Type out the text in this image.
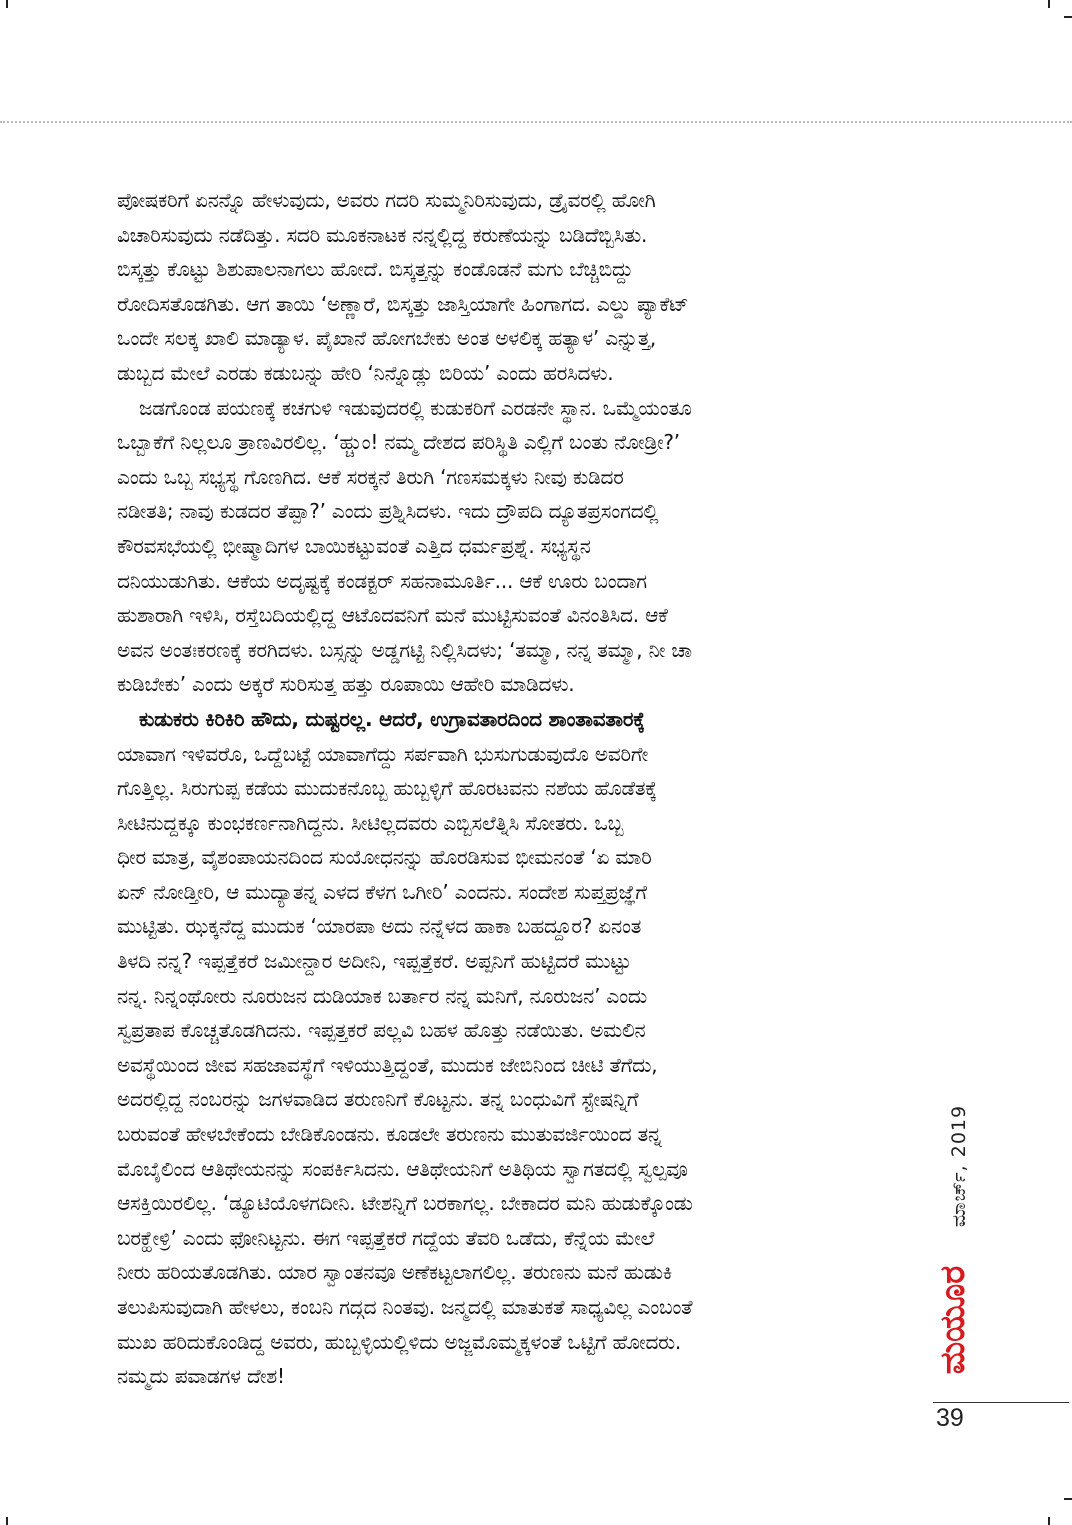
ಪೋಷಕರಿಗೆ ಏನನ್ನೊ ಹೇಳುವುದು, ಅವರು ಗದರಿ ಸುಮ್ಮನಿರಿಸುವುದು, ಡ್ರೈವರಲ್ಲಿ ಹೋಗಿ
ವಿಚಾರಿಸುವುದು ನಡೆದಿತ್ತು. ಸದರಿ ಮೂಕನಾಟಕ ನನ್ನಲ್ಲಿದ್ದ ಕರುಣೆಯನ್ನು ಬಡಿದೆಬ್ಬಿಸಿತು.
ಬಿಸ್ಕತ್ತು ಕೊಟ್ಟು ಶಿಶುಪಾಲನಾಗಲು ಹೋದೆ. ಬಿಸ್ಕತ್ತನ್ನು ಕಂಡೊಡನೆ ಮಗು ಬೆಚ್ಚಿಬಿದ್ದು
ರೋದಿಸತೊಡಗಿತು. ಆಗ ತಾಯಿ ‘ಅಣ್ಣಾರೆ, ಬಿಸ್ಕತ್ತು ಜಾಸ್ತಿಯಾಗೇ ಹಿಂಗಾಗದ. ಎಲ್ಡು ಪ್ಯಾಕೆಟ್
ಒಂದೇ ಸಲಕ್ಕ ಖಾಲಿ ಮಾಡ್ಯಾಳ. ಪೈಖಾನೆ ಹೋಗಬೇಕು ಅಂತ ಅಳಲಿಕ್ಕ ಹತ್ಯಾಳ’ ಎನ್ನುತ್ತ,
ಡುಬ್ಬದ ಮೇಲೆ ಎರಡು ಕಡುಬನ್ನು ಹೇರಿ ‘ನಿನ್ನೊಡ್ಲು ಬಿರಿಯ’ ಎಂದು ಹರಸಿದಳು.
ಜಡಗೊಂಡ ಪಯಣಕ್ಕೆ ಕಚಗುಳಿ ಇಡುವುದರಲ್ಲಿ ಕುಡುಕರಿಗೆ ಎರಡನೇ ಸ್ಥಾನ. ಒಮ್ಮೆಯಂತೂ
ಒಬ್ಬಾಕೆಗೆ ನಿಲ್ಲಲೂ ತ್ರಾಣವಿರಲಿಲ್ಲ. ‘ಹ್ಚುಂ! ನಮ್ಮ ದೇಶದ ಪರಿಸ್ಥಿತಿ ಎಲ್ಲಿಗೆ ಬಂತು ನೋಡ್ರೀ?’
ಎಂದು ಒಬ್ಬ ಸಭ್ಯಸ್ಥ ಗೊಣಗಿದ. ಆಕೆ ಸರಕ್ಕನೆ ತಿರುಗಿ ‘ಗಣಸಮಕ್ಕಳು ನೀವು ಕುಡಿದರ
ನಡೀತತಿ; ನಾವು ಕುಡದರ ತೆಪ್ಪಾ?’ ಎಂದು ಪ್ರಶ್ನಿಸಿದಳು. ಇದು ದ್ರೌಪದಿ ದ್ಯೂತಪ್ರಸಂಗದಲ್ಲಿ
ಕೌರವಸಭೆಯಲ್ಲಿ ಭೀಷ್ಮಾದಿಗಳ ಬಾಯಿಕಟ್ಟುವಂತೆ ಎತ್ತಿದ ಧರ್ಮಪ್ರಶ್ನೆ. ಸಭ್ಯಸ್ಥನ
ದನಿಯುಡುಗಿತು. ಆಕೆಯ ಅದೃಷ್ಟಕ್ಕೆ ಕಂಡಕ್ಟರ್ ಸಹನಾಮೂರ್ತಿ... ಆಕೆ ಊರು ಬಂದಾಗ
ಹುಶಾರಾಗಿ ಇಳಿಸಿ, ರಸ್ತೆಬದಿಯಲ್ಲಿದ್ದ ಆಟೊದವನಿಗೆ ಮನೆ ಮುಟ್ಟಿಸುವಂತೆ ವಿನಂತಿಸಿದ. ಆಕೆ
ಅವನ ಅಂತಃಕರಣಕ್ಕೆ ಕರಗಿದಳು. ಬಸ್ಸನ್ನು ಅಡ್ಡಗಟ್ಟಿ ನಿಲ್ಲಿಸಿದಳು; ‘ತಮ್ಮಾ, ನನ್ನ ತಮ್ಮಾ, ನೀ ಚಾ
ಕುಡಿಬೇಕು’ ಎಂದು ಅಕ್ಕರೆ ಸುರಿಸುತ್ತ ಹತ್ತು ರೂಪಾಯಿ ಆಹೇರಿ ಮಾಡಿದಳು.
ಕುಡುಕರು ಕಿರಿಕಿರಿ ಹೌದು, ದುಷ್ಟರಲ್ಲ. ಆದರೆ, ಉಗ್ರಾವತಾರದಿಂದ ಶಾಂತಾವತಾರಕ್ಕೆ
ಯಾವಾಗ ಇಳಿವರೊ, ಒದ್ದೆಬಟ್ಟೆ ಯಾವಾಗೆದ್ದು ಸರ್ಪವಾಗಿ ಭುಸುಗುಡುವುದೊ ಅವರಿಗೇ
ಗೊತ್ತಿಲ್ಲ. ಸಿರುಗುಪ್ಪ ಕಡೆಯ ಮುದುಕನೊಬ್ಬ ಹುಬ್ಬಳ್ಳಿಗೆ ಹೊರಟವನು ನಶೆಯ ಹೊಡೆತಕ್ಕೆ
ಸೀಟಿನುದ್ದಕ್ಕೂ ಕುಂಭಕರ್ಣನಾಗಿದ್ದನು. ಸೀಟಿಲ್ಲದವರು ಎಬ್ಬಿಸಲೆತ್ನಿಸಿ ಸೋತರು. ಒಬ್ಬ
ಧೀರ ಮಾತ್ರ, ವೈಶಂಪಾಯನದಿಂದ ಸುಯೋಧನನ್ನು ಹೊರಡಿಸುವ ಭೀಮನಂತೆ ‘ಏ ಮಾರಿ
ಏನ್ ನೋಡ್ತೀರಿ, ಆ ಮುದ್ಯಾತನ್ನ ಎಳದ ಕೆಳಗ ಒಗೀರಿ’ ಎಂದನು. ಸಂದೇಶ ಸುಪ್ತಪ್ರಜ್ಞೆಗೆ
ಮುಟ್ಟಿತು. ಝಕ್ಕನೆದ್ದ ಮುದುಕ ‘ಯಾರಪಾ ಅದು ನನ್ನೆಳದ ಹಾಕಾ ಬಹದ್ದೂರ? ಏನಂತ
ತಿಳದಿ ನನ್ನ? ಇಪ್ಪತ್ತೆಕರೆ ಜಮೀನ್ದಾರ ಅದೀನಿ, ಇಪ್ಪತ್ತೆಕರೆ. ಅಪ್ಪನಿಗೆ ಹುಟ್ಟಿದರೆ ಮುಟ್ಟು
ನನ್ನ. ನಿನ್ನಂಥೋರು ನೂರುಜನ ದುಡಿಯಾಕ ಬರ್ತಾರ ನನ್ನ ಮನಿಗೆ, ನೂರುಜನ’ ಎಂದು
ಸ್ವಪ್ರತಾಪ ಕೊಚ್ಚತೊಡಗಿದನು. ಇಪ್ಪತ್ತಕರೆ ಪಲ್ಲವಿ ಬಹಳ ಹೊತ್ತು ನಡೆಯಿತು. ಅಮಲಿನ
ಅವಸ್ಥೆಯಿಂದ ಜೀವ ಸಹಜಾವಸ್ಥೆಗೆ ಇಳಿಯುತ್ತಿದ್ದಂತೆ, ಮುದುಕ ಜೇಬಿನಿಂದ ಚೀಟಿ ತೆಗೆದು,
ಅದರಲ್ಲಿದ್ದ ನಂಬರನ್ನು ಜಗಳವಾಡಿದ ತರುಣನಿಗೆ ಕೊಟ್ಟನು. ತನ್ನ ಬಂಧುವಿಗೆ ಸ್ಟೇಷನ್ನಿಗೆ
ಬರುವಂತೆ ಹೇಳಬೇಕೆಂದು ಬೇಡಿಕೊಂಡನು. ಕೂಡಲೇ ತರುಣನು ಮುತುವರ್ಜಿಯಿಂದ ತನ್ನ
ಮೊಬೈಲಿಂದ ಆತಿಥೇಯನನ್ನು ಸಂಪರ್ಕಿಸಿದನು. ಆತಿಥೇಯನಿಗೆ ಅತಿಥಿಯ ಸ್ವಾಗತದಲ್ಲಿ ಸ್ವಲ್ಪವೂ
ಆಸಕ್ತಿಯಿರಲಿಲ್ಲ. ‘ಡ್ಯೂಟಿಯೊಳಗದೀನಿ. ಟೇಶನ್ನಿಗೆ ಬರಕಾಗಲ್ಲ. ಬೇಕಾದರ ಮನಿ ಹುಡುಕ್ಕೊಂಡು
ಬರಕ್ಹೇಳ್ರಿ’ ಎಂದು ಫೋನಿಟ್ಟನು. ಈಗ ಇಪ್ಪತ್ತೆಕರೆ ಗದ್ದೆಯ ತೆವರಿ ಒಡೆದು, ಕೆನ್ನೆಯ ಮೇಲೆ
ನೀರು ಹರಿಯತೊಡಗಿತು. ಯಾರ ಸ್ವಾಂತನವೂ ಅಣೆಕಟ್ಟಲಾಗಲಿಲ್ಲ. ತರುಣನು ಮನೆ ಹುಡುಕಿ
ತಲುಪಿಸುವುದಾಗಿ ಹೇಳಲು, ಕಂಬನಿ ಗದ್ಗದ ನಿಂತವು. ಜನ್ಮದಲ್ಲಿ ಮಾತುಕತೆ ಸಾಧ್ಯವಿಲ್ಲ ಎಂಬಂತೆ
ಮುಖ ಹರಿದುಕೊಂಡಿದ್ದ ಅವರು, ಹುಬ್ಬಳ್ಳಿಯಲ್ಲಿಳಿದು ಅಜ್ಜಮೊಮ್ಮಕ್ಕಳಂತೆ ಒಟ್ಟಿಗೆ ಹೋದರು.
ನಮ್ಮದು ಪವಾಡಗಳ ದೇಶ!
ಮಾರ್ಚ್, 2019
ಮಯೂರ
39
